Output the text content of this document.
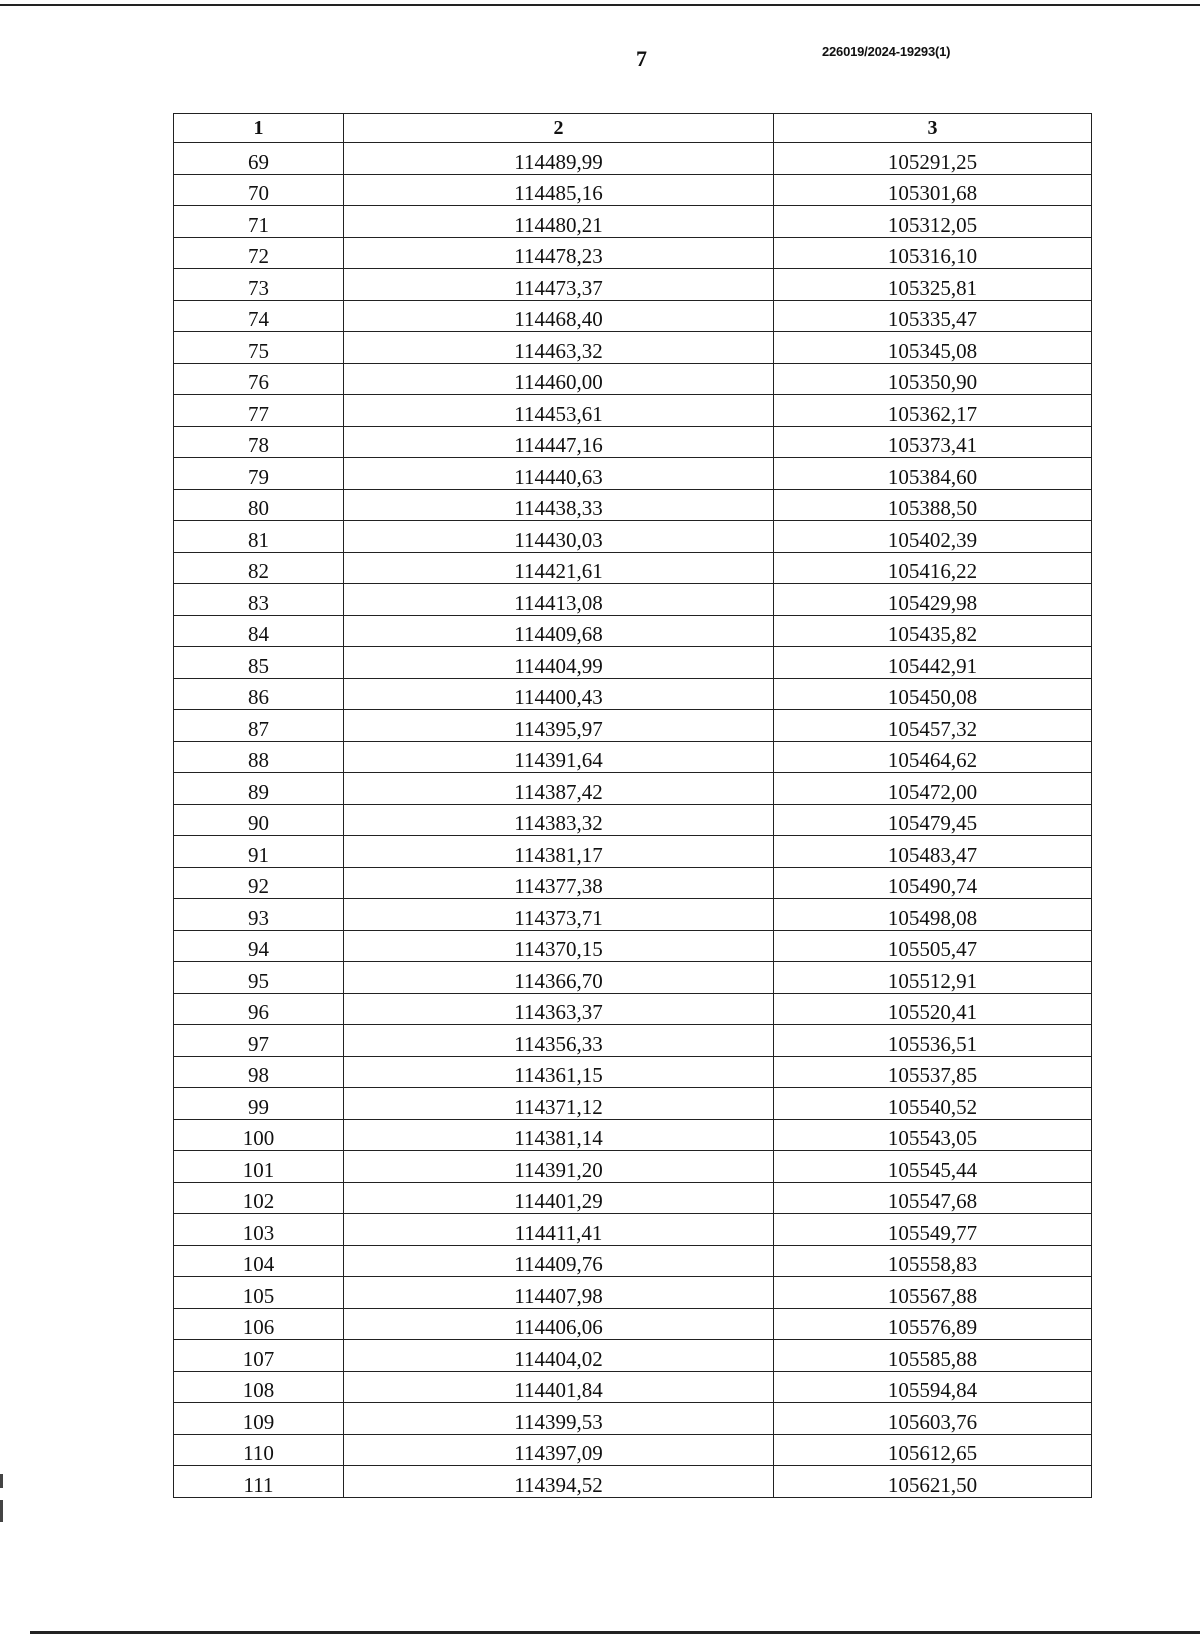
7	226019/2024-19293(1)
1	2	3
69	114489,99	105291,25
70	114485,16	105301,68
71	114480,21	105312,05
72	114478,23	105316,10
73	114473,37	105325,81
74	114468,40	105335,47
75	114463,32	105345,08
76	114460,00	105350,90
77	114453,61	105362,17
78	114447,16	105373,41
79	114440,63	105384,60
80	114438,33	105388,50
81	114430,03	105402,39
82	114421,61	105416,22
83	114413,08	105429,98
84	114409,68	105435,82
85	114404,99	105442,91
86	114400,43	105450,08
87	114395,97	105457,32
88	114391,64	105464,62
89	114387,42	105472,00
90	114383,32	105479,45
91	114381,17	105483,47
92	114377,38	105490,74
93	114373,71	105498,08
94	114370,15	105505,47
95	114366,70	105512,91
96	114363,37	105520,41
97	114356,33	105536,51
98	114361,15	105537,85
99	114371,12	105540,52
100	114381,14	105543,05
101	114391,20	105545,44
102	114401,29	105547,68
103	114411,41	105549,77
104	114409,76	105558,83
105	114407,98	105567,88
106	114406,06	105576,89
107	114404,02	105585,88
108	114401,84	105594,84
109	114399,53	105603,76
110	114397,09	105612,65
111	114394,52	105621,50
